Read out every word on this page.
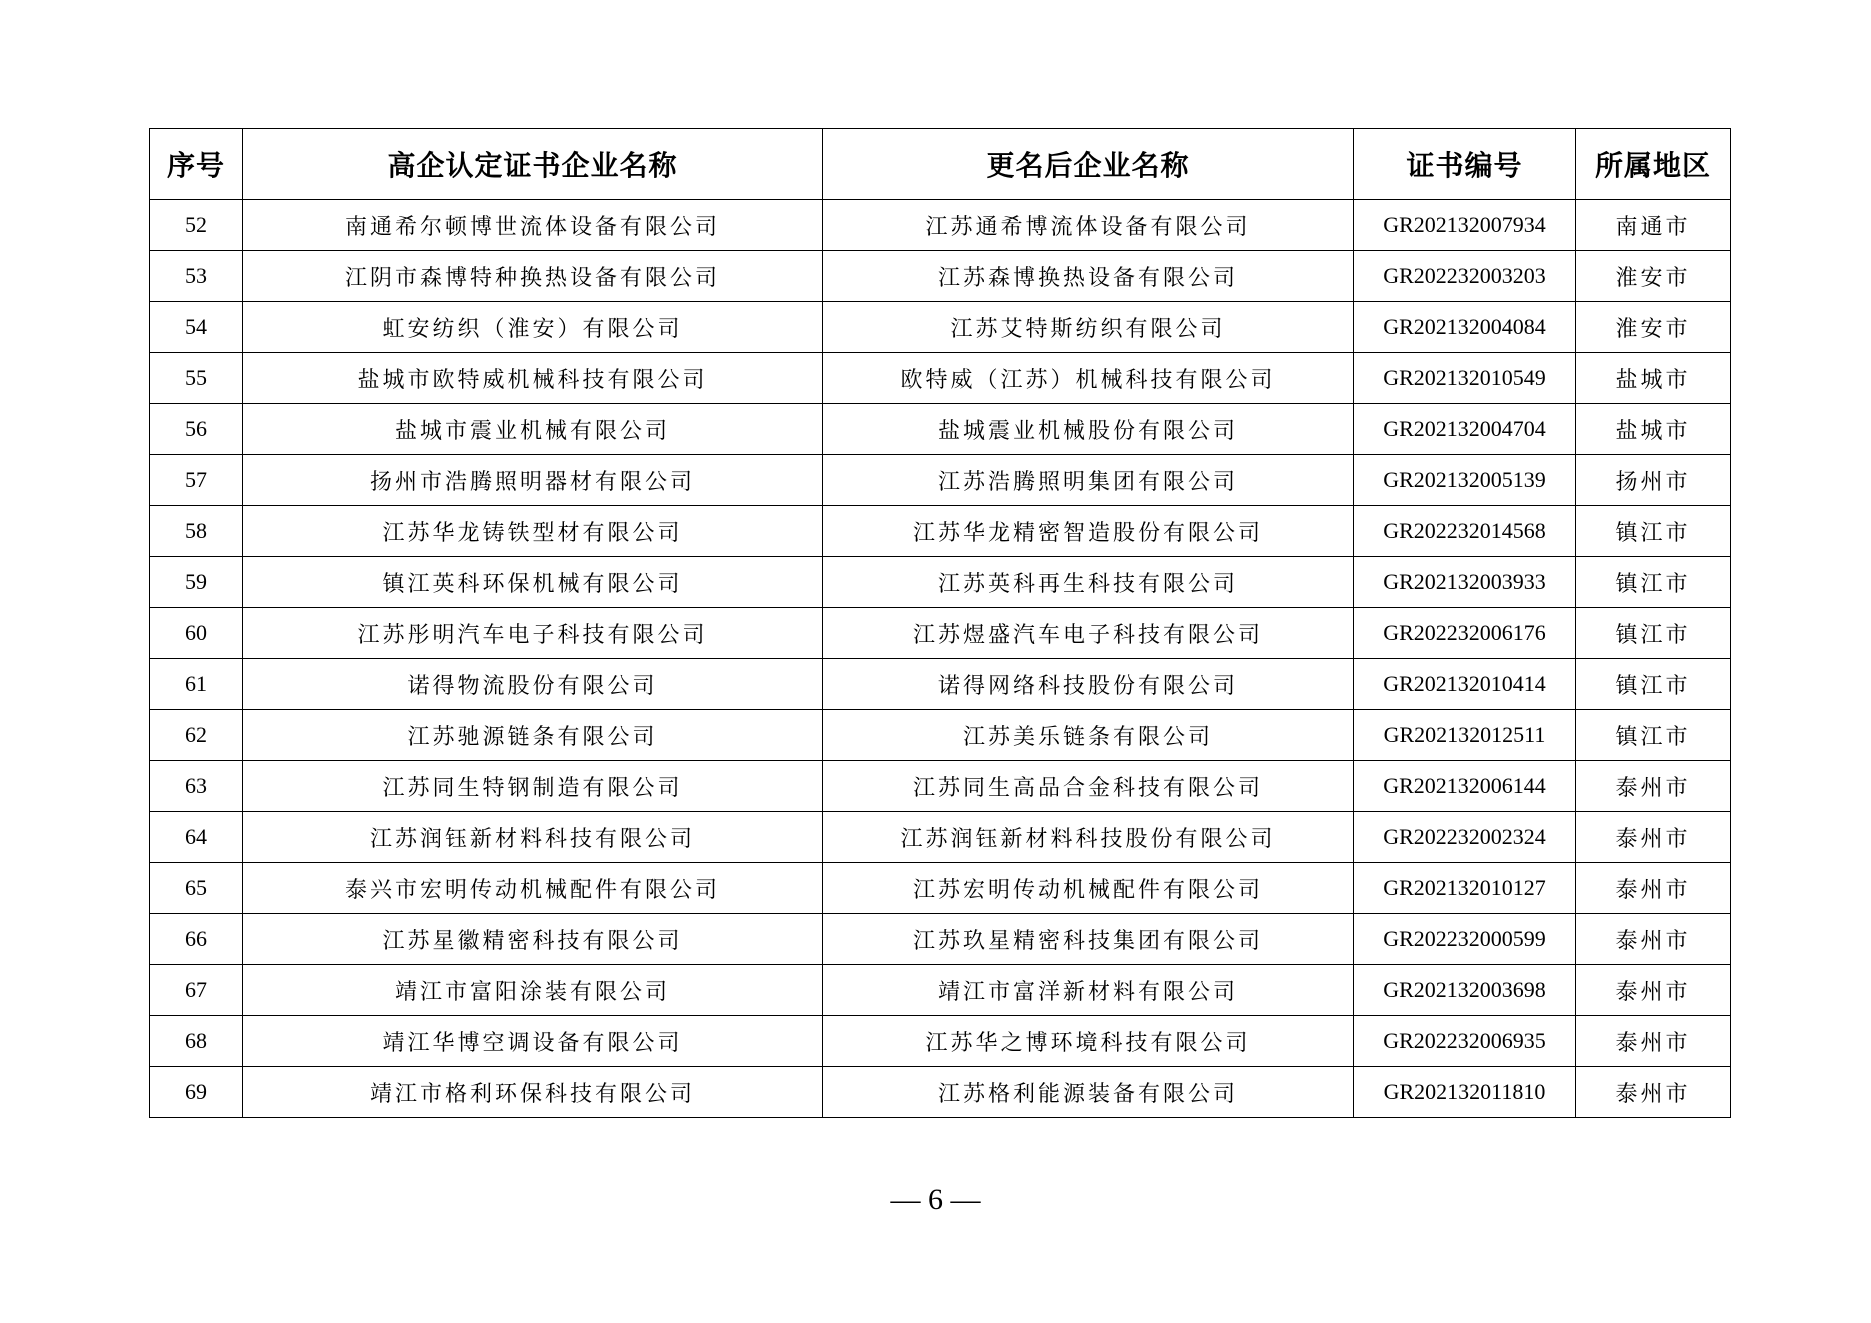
序号	高企认定证书企业名称	更名后企业名称	证书编号	所属地区
52	南通希尔顿博世流体设备有限公司	江苏通希博流体设备有限公司	GR202132007934	南通市
53	江阴市森博特种换热设备有限公司	江苏森博换热设备有限公司	GR202232003203	淮安市
54	虹安纺织（淮安）有限公司	江苏艾特斯纺织有限公司	GR202132004084	淮安市
55	盐城市欧特威机械科技有限公司	欧特威（江苏）机械科技有限公司	GR202132010549	盐城市
56	盐城市震业机械有限公司	盐城震业机械股份有限公司	GR202132004704	盐城市
57	扬州市浩腾照明器材有限公司	江苏浩腾照明集团有限公司	GR202132005139	扬州市
58	江苏华龙铸铁型材有限公司	江苏华龙精密智造股份有限公司	GR202232014568	镇江市
59	镇江英科环保机械有限公司	江苏英科再生科技有限公司	GR202132003933	镇江市
60	江苏彤明汽车电子科技有限公司	江苏煜盛汽车电子科技有限公司	GR202232006176	镇江市
61	诺得物流股份有限公司	诺得网络科技股份有限公司	GR202132010414	镇江市
62	江苏驰源链条有限公司	江苏美乐链条有限公司	GR202132012511	镇江市
63	江苏同生特钢制造有限公司	江苏同生高品合金科技有限公司	GR202132006144	泰州市
64	江苏润钰新材料科技有限公司	江苏润钰新材料科技股份有限公司	GR202232002324	泰州市
65	泰兴市宏明传动机械配件有限公司	江苏宏明传动机械配件有限公司	GR202132010127	泰州市
66	江苏星徽精密科技有限公司	江苏玖星精密科技集团有限公司	GR202232000599	泰州市
67	靖江市富阳涂装有限公司	靖江市富洋新材料有限公司	GR202132003698	泰州市
68	靖江华博空调设备有限公司	江苏华之博环境科技有限公司	GR202232006935	泰州市
69	靖江市格利环保科技有限公司	江苏格利能源装备有限公司	GR202132011810	泰州市
— 6 —
